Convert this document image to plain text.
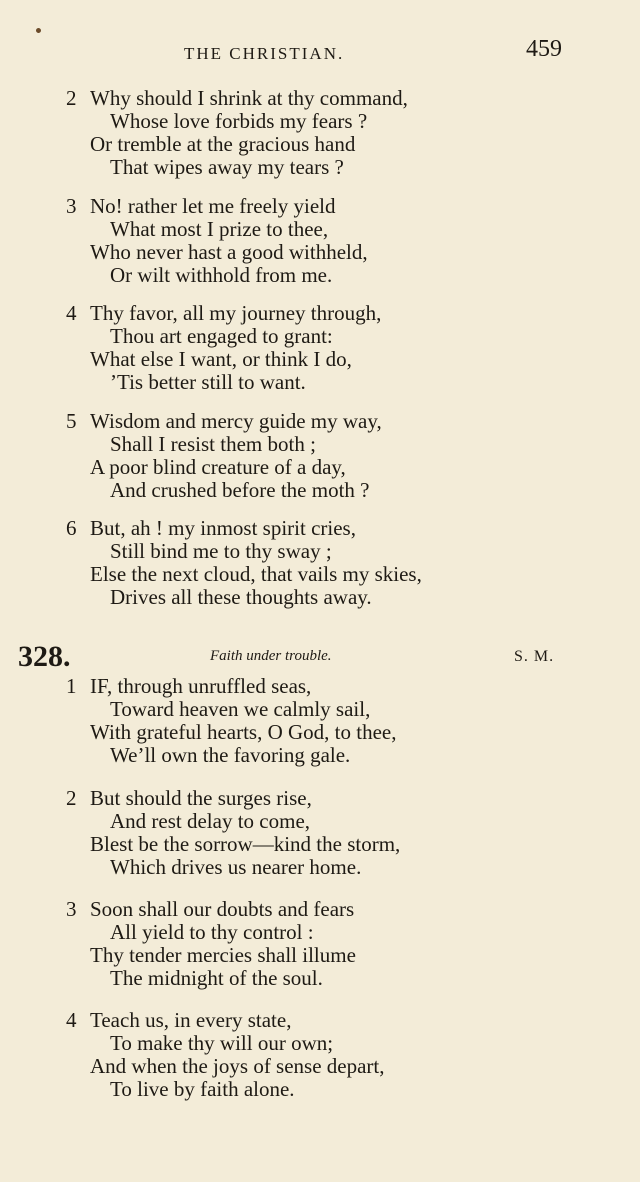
THE CHRISTIAN.	459
2 Why should I shrink at thy command,
Whose love forbids my fears ?
Or tremble at the gracious hand
That wipes away my tears ?
3 No! rather let me freely yield
What most I prize to thee,
Who never hast a good withheld,
Or wilt withhold from me.
4 Thy favor, all my journey through,
Thou art engaged to grant:
What else I want, or think I do,
’Tis better still to want.
5 Wisdom and mercy guide my way,
Shall I resist them both ;
A poor blind creature of a day,
And crushed before the moth ?
6 But, ah ! my inmost spirit cries,
Still bind me to thy sway ;
Else the next cloud, that vails my skies,
Drives all these thoughts away.
328.	Faith under trouble.	S. M.
1 IF, through unruffled seas,
Toward heaven we calmly sail,
With grateful hearts, O God, to thee,
We’ll own the favoring gale.
2 But should the surges rise,
And rest delay to come,
Blest be the sorrow—kind the storm,
Which drives us nearer home.
3 Soon shall our doubts and fears
All yield to thy control :
Thy tender mercies shall illume
The midnight of the soul.
4 Teach us, in every state,
To make thy will our own;
And when the joys of sense depart,
To live by faith alone.
